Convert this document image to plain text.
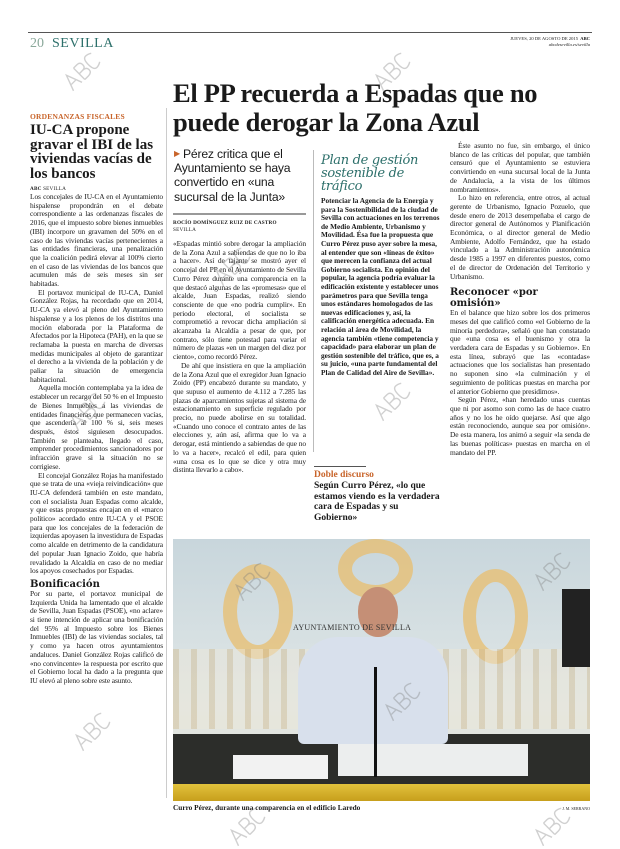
20 SEVILLA	JUEVES, 20 DE AGOSTO DE 2015 ABC
abcdesevilla.es/sevilla
ORDENANZAS FISCALES
IU-CA propone gravar el IBI de las viviendas vacías de los bancos
ABC SEVILLA

Los concejales de IU-CA en el Ayuntamiento hispalense propondrán en el debate correspondiente a las ordenanzas fiscales de 2016, que el impuesto sobre bienes inmuebles (IBI) incorpore un gravamen del 50% en el caso de las viviendas vacías pertenecientes a las entidades financieras, una penalización que la coalición pedirá elevar al 100% cierto en el caso de las viviendas de los bancos que acumulen más de seis meses sin ser habitadas.

El portavoz municipal de IU-CA, Daniel González Rojas, ha recordado que en 2014, IU-CA ya elevó al pleno del Ayuntamiento hispalense y a los plenos de los distritos una moción elaborada por la Plataforma de Afectados por la Hipoteca (PAH), en la que se reclamaba la puesta en marcha de diversas medidas municipales al objeto de garantizar el derecho a la vivienda de la población y de paliar la situación de emergencia habitacional.

Aquella moción contemplaba ya la idea de establecer un recargo del 50 % en el Impuesto de Bienes Inmuebles a las viviendas de entidades financieras que permanecen vacías, que ascendería al 100 % si, seis meses después, éstos siguiesen desocupados. También se planteaba, llegado el caso, emprender procedimientos sancionadores por infracción grave si la situación no se corrigiese.

El concejal González Rojas ha manifestado que se trata de una «vieja reivindicación» que IU-CA defenderá también en este mandato, con el socialista Juan Espadas como alcalde, y que estas propuestas encajan en el «marco político» acordado entre IU-CA y el PSOE para que los concejales de la federación de izquierdas apoyasen la investidura de Espadas como alcalde en detrimento de la candidatura del popular Juan Ignacio Zoido, que habría revalidado la Alcaldía en caso de no mediar los apoyos cosechados por Espadas.

Bonificación

Por su parte, el portavoz municipal de Izquierda Unida ha lamentado que el alcalde de Sevilla, Juan Espadas (PSOE), «no aclare» si tiene intención de aplicar una bonificación del 95% al Impuesto sobre los Bienes Inmuebles (IBI) de las viviendas sociales, tal y como ya hacen otros ayuntamientos andaluces. Daniel González Rojas calificó de «no convincente» la respuesta por escrito que el Gobierno local ha dado a la pregunta que IU elevó al pleno sobre este asunto.

El PP recuerda a Espadas que no puede derogar la Zona Azul
▶ Pérez critica que el Ayuntamiento se haya convertido en «una sucursal de la Junta»
ROCÍO DOMÍNGUEZ RUIZ DE CASTRO
SEVILLA

«Espadas mintió sobre derogar la ampliación de la Zona Azul a sabiendas de que no lo iba a hacer». Así de tajante se mostró ayer el concejal del PP en el Ayuntamiento de Sevilla Curro Pérez durante una comparencia en la que destacó algunas de las «promesas» que el alcalde, Juan Espadas, realizó siendo consciente de que «no podría cumplir». En periodo electoral, el socialista se comprometió a revocar dicha ampliación si alcanzaba la Alcaldía a pesar de que, por contrato, sólo tiene potestad para variar el número de plazas «en un margen del diez por ciento», como recordó Pérez.

De ahí que insistiera en que la ampliación de la Zona Azul que el exregidor Juan Ignacio Zoido (PP) encabezó durante su mandato, y que supuso el aumento de 4.112 a 7.285 las plazas de aparcamientos sujetas al sistema de estacionamiento en superficie regulado por precio, no puede abolirse en su totalidad. «Cuando uno conoce el contrato antes de las elecciones y, aún así, afirma que lo va a derogar, está mintiendo a sabiendas de que no lo va a hacer», recalcó el edil, para quien «una cosa es lo que se dice y otra muy distinta llevarlo a cabo».

Plan de gestión sostenible de tráfico
Potenciar la Agencia de la Energía y para la Sostenibilidad de la ciudad de Sevilla con actuaciones en los terrenos de Medio Ambiente, Urbanismo y Movilidad. Ésa fue la propuesta que Curro Pérez puso ayer sobre la mesa, al entender que son «líneas de éxito» que merecen la confianza del actual Gobierno socialista. En opinión del popular, la agencia podría evaluar la edificación existente y establecer unos parámetros para que Sevilla tenga unos estándares homologados de las nuevas edificaciones y, así, la calificación energética adecuada. En relación al área de Movilidad, la agencia también «tiene competencia y capacidad» para elaborar un plan de gestión sostenible del tráfico, que es, a su juicio, «una parte fundamental del Plan de Calidad del Aire de Sevilla».
Doble discurso
Según Curro Pérez, «lo que estamos viendo es la verdadera cara de Espadas y su Gobierno»

Éste asunto no fue, sin embargo, el único blanco de las críticas del popular, que también censuró que el Ayuntamiento se estuviera convirtiendo en «una sucursal local de la Junta de Andalucía, a la vista de los últimos nombramientos».

Lo hizo en referencia, entre otros, al actual gerente de Urbanismo, Ignacio Pozuelo, que desde enero de 2013 desempeñaba el cargo de director general de Autónomos y Planificación Económica, o al director general de Medio Ambiente, Adolfo Fernández, que ha estado vinculado a la Administración autonómica desde 1985 a 1997 en diferentes puestos, como el de director de Ordenación del Territorio y Urbanismo.

Reconocer «por omisión»

En el balance que hizo sobre los dos primeros meses del que calificó como «el Gobierno de la minoría perdedora», señaló que han constatado que «una cosa es el buenismo y otra la verdadera cara de Espadas y su Gobierno». En esta línea, subrayó que las «contadas» actuaciones que los socialistas han presentado no suponen sino «la culminación y el seguimiento de políticas puestas en marcha por el anterior Gobierno que presidimos».

Según Pérez, «han heredado unas cuentas que ni por asomo son como las de hace cuatro años y no los he oído quejarse. Así que algo están reconociendo, aunque sea por omisión». De esta manera, los animó a seguir «la senda de las buenas políticas» puestas en marcha en el mandato del PP.

AYUNTAMIENTO DE SEVILLA
Curro Pérez, durante una comparencia en el edificio Laredo	J. M. SERRANO
